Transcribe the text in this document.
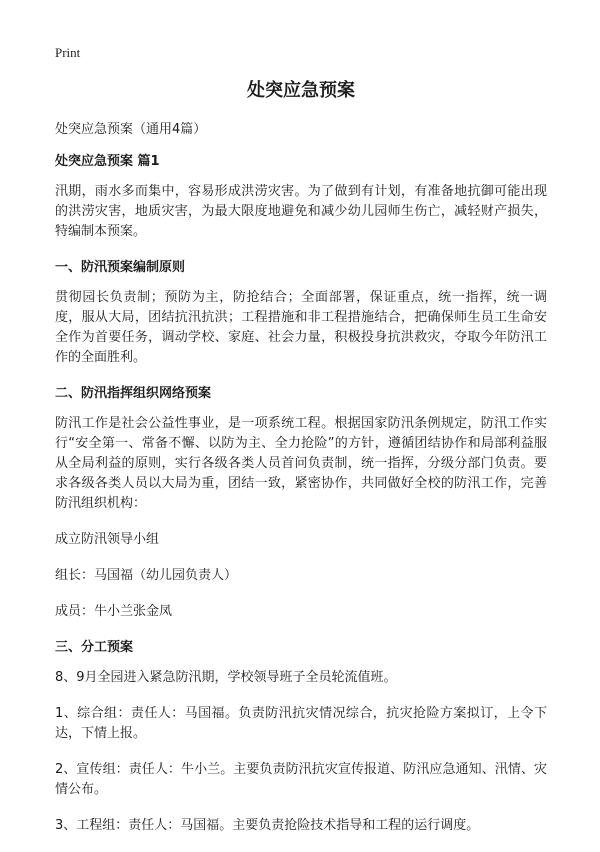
Print
处突应急预案
处突应急预案（通用4篇）
处突应急预案 篇1
汛期，雨水多而集中，容易形成洪涝灾害。为了做到有计划，有准备地抗御可能出现的洪涝灾害，地质灾害，为最大限度地避免和减少幼儿园师生伤亡，减轻财产损失，特编制本预案。
一、防汛预案编制原则
贯彻园长负责制；预防为主，防抢结合；全面部署，保证重点，统一指挥，统一调度，服从大局，团结抗汛抗洪；工程措施和非工程措施结合，把确保师生员工生命安全作为首要任务，调动学校、家庭、社会力量，积极投身抗洪救灾，夺取今年防汛工作的全面胜利。
二、防汛指挥组织网络预案
防汛工作是社会公益性事业，是一项系统工程。根据国家防汛条例规定，防汛工作实行“安全第一、常备不懈、以防为主、全力抢险”的方针，遵循团结协作和局部利益服从全局利益的原则，实行各级各类人员首问负责制，统一指挥，分级分部门负责。要求各级各类人员以大局为重，团结一致，紧密协作，共同做好全校的防汛工作，完善防汛组织机构：
成立防汛领导小组
组长：马国福（幼儿园负责人）
成员：牛小兰张金凤
三、分工预案
8、9月全园进入紧急防汛期，学校领导班子全员轮流值班。
1、综合组：责任人：马国福。负责防汛抗灾情况综合，抗灾抢险方案拟订，上令下达，下情上报。
2、宣传组：责任人：牛小兰。主要负责防汛抗灾宣传报道、防汛应急通知、汛情、灾情公布。
3、工程组：责任人：马国福。主要负责抢险技术指导和工程的运行调度。
